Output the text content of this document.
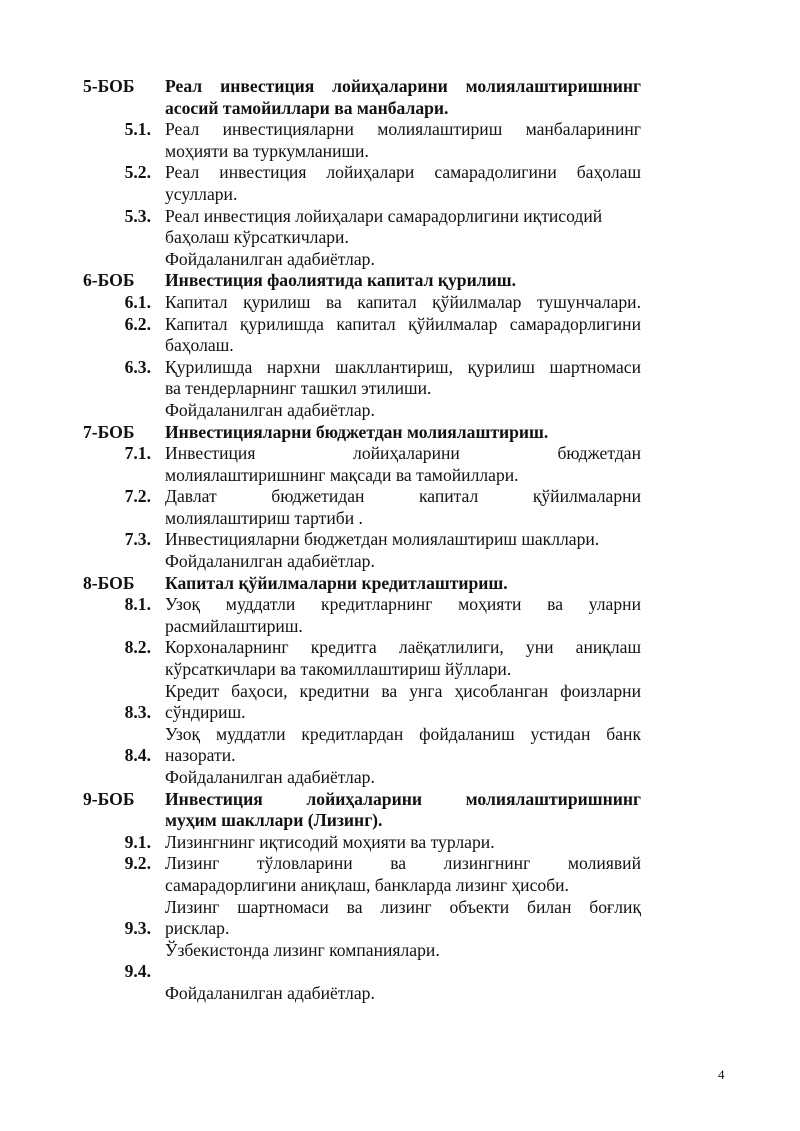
5-БОБ Реал инвестиция лойиҳаларини молиялаштиришнинг
асосий тамойиллари ва манбалари.
5.1. Реал инвестицияларни молиялаштириш манбаларининг
моҳияти ва туркумланиши.
5.2. Реал инвестиция лойиҳалари самарадолигини баҳолаш
усуллари.
5.3. Реал инвестиция лойиҳалари самарадорлигини иқтисодий
баҳолаш кўрсаткичлари.
Фойдаланилган адабиётлар.
6-БОБ Инвестиция фаолиятида капитал қурилиш.
6.1. Капитал қурилиш ва капитал қўйилмалар тушунчалари.
6.2. Капитал қурилишда капитал қўйилмалар самарадорлигини
баҳолаш.
6.3. Қурилишда нархни шакллантириш, қурилиш шартномаси
ва тендерларнинг ташкил этилиши.
Фойдаланилган адабиётлар.
7-БОБ Инвестицияларни бюджетдан молиялаштириш.
7.1. Инвестиция лойиҳаларини бюджетдан
молиялаштиришнинг мақсади ва тамойиллари.
7.2. Давлат бюджетидан капитал қўйилмаларни
молиялаштириш тартиби .
7.3. Инвестицияларни бюджетдан молиялаштириш шакллари.
Фойдаланилган адабиётлар.
8-БОБ Капитал қўйилмаларни кредитлаштириш.
8.1. Узоқ муддатли кредитларнинг моҳияти ва уларни
расмийлаштириш.
8.2. Корхоналарнинг кредитга лаёқатлилиги, уни аниқлаш
кўрсаткичлари ва такомиллаштириш йўллари.
Кредит баҳоси, кредитни ва унга ҳисобланган фоизларни
8.3. сўндириш.
Узоқ муддатли кредитлардан фойдаланиш устидан банк
8.4. назорати.
Фойдаланилган адабиётлар.
9-БОБ Инвестиция лойиҳаларини молиялаштиришнинг
муҳим шакллари (Лизинг).
9.1. Лизингнинг иқтисодий моҳияти ва турлари.
9.2. Лизинг тўловларини ва лизингнинг молиявий
самарадорлигини аниқлаш, банкларда лизинг ҳисоби.
Лизинг шартномаси ва лизинг объекти билан боғлиқ
9.3. рисклар.
Ўзбекистонда лизинг компаниялари.
9.4.
Фойдаланилган адабиётлар.
4
